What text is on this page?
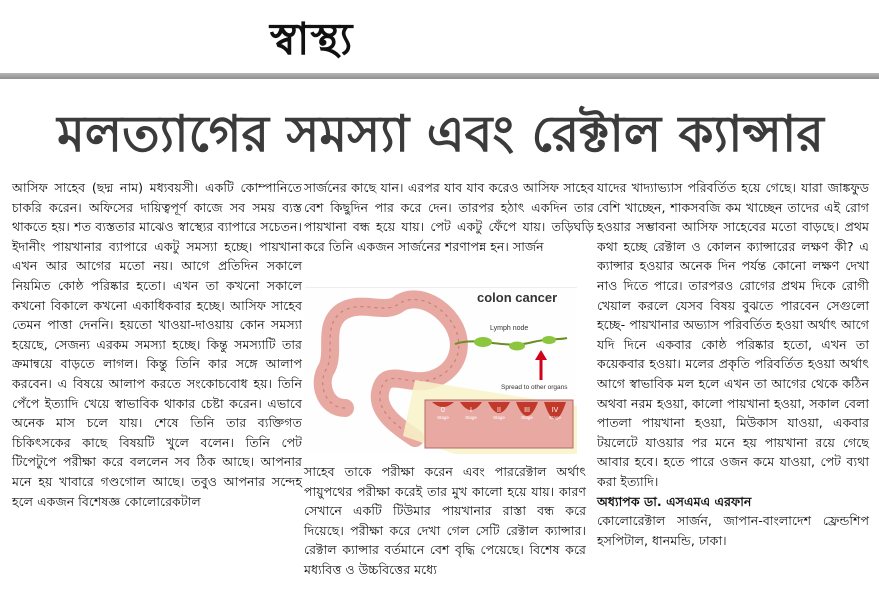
স্বাস্থ্য
মলত্যাগের সমস্যা এবং রেক্টাল ক্যান্সার

আসিফ সাহেব (ছদ্ম নাম) মধ্যবয়সী। একটি কোম্পানিতে চাকরি করেন। অফিসের দায়িত্বপূর্ণ কাজে সব সময় ব্যস্ত থাকতে হয়। শত ব্যস্ততার মাঝেও স্বাস্থ্যের ব্যাপারে সচেতন। ইদানীং পায়খানার ব্যাপারে একটু সমস্যা হচ্ছে। পায়খানা এখন আর আগের মতো নয়। আগে প্রতিদিন সকালে নিয়মিত কোষ্ঠ পরিষ্কার হতো। এখন তা কখনো সকালে কখনো বিকালে কখনো একাধিকবার হচ্ছে। আসিফ সাহেব তেমন পাত্তা দেননি। হয়তো খাওয়া-দাওয়ায় কোন সমস্যা হয়েছে, সেজন্য এরকম সমস্যা হচ্ছে। কিন্তু সমস্যাটি তার ক্রমান্বয়ে বাড়তে লাগল। কিন্তু তিনি কার সঙ্গে আলাপ করবেন। এ বিষয়ে আলাপ করতে সংকোচবোধ হয়। তিনি পেঁপে ইত্যাদি খেয়ে স্বাভাবিক থাকার চেষ্টা করেন। এভাবে অনেক মাস চলে যায়। শেষে তিনি তার ব্যক্তিগত চিকিৎসকের কাছে বিষয়টি খুলে বলেন। তিনি পেট টিপেটুপে পরীক্ষা করে বললেন সব ঠিক আছে। আপনার মনে হয় খাবারে গণ্ডগোল আছে। তবুও আপনার সন্দেহ হলে একজন বিশেষজ্ঞ কোলোরেকটাল

সার্জনের কাছে যান। এরপর যাব যাব করেও আসিফ সাহেব বেশ কিছুদিন পার করে দেন। তারপর হঠাৎ একদিন তার পায়খানা বন্ধ হয়ে যায়। পেট একটু ফেঁপে যায়। তড়িঘড়ি করে তিনি একজন সার্জনের শরণাপন্ন হন। সার্জন

সাহেব তাকে পরীক্ষা করেন এবং পাররেক্টাল অর্থাৎ পায়ুপথের পরীক্ষা করেই তার মুখ কালো হয়ে যায়। কারণ সেখানে একটি টিউমার পায়খানার রাস্তা বন্ধ করে দিয়েছে। পরীক্ষা করে দেখা গেল সেটি রেক্টাল ক্যান্সার। রেক্টাল ক্যান্সার বর্তমানে বেশ বৃদ্ধি পেয়েছে। বিশেষ করে মধ্যবিত্ত ও উচ্চবিত্তের মধ্যে

যাদের খাদ্যাভ্যাস পরিবর্তিত হয়ে গেছে। যারা জাঙ্কফুড বেশি খাচ্ছেন, শাকসবজি কম খাচ্ছেন তাদের এই রোগ হওয়ার সম্ভাবনা আসিফ সাহেবের মতো বাড়ছে। প্রথম কথা হচ্ছে রেক্টাল ও কোলন ক্যান্সারের লক্ষণ কী? এ ক্যান্সার হওয়ার অনেক দিন পর্যন্ত কোনো লক্ষণ দেখা নাও দিতে পারে। তারপরও রোগের প্রথম দিকে রোগী খেয়াল করলে যেসব বিষয় বুঝতে পারবেন সেগুলো হচ্ছে- পায়খানার অভ্যাস পরিবর্তিত হওয়া অর্থাৎ আগে যদি দিনে একবার কোষ্ঠ পরিষ্কার হতো, এখন তা কয়েকবার হওয়া। মলের প্রকৃতি পরিবর্তিত হওয়া অর্থাৎ আগে স্বাভাবিক মল হলে এখন তা আগের থেকে কঠিন অথবা নরম হওয়া, কালো পায়খানা হওয়া, সকাল বেলা পাতলা পায়খানা হওয়া, মিউকাস যাওয়া, একবার টয়লেটে যাওয়ার পর মনে হয় পায়খানা রয়ে গেছে আবার হবে। হতে পারে ওজন কমে যাওয়া, পেট ব্যথা করা ইত্যাদি।

অধ্যাপক ডা. এসএমএ এরফান

কোলোরেক্টাল সার্জন, জাপান-বাংলাদেশ ফ্রেন্ডশিপ হসপিটাল, ধানমন্ডি, ঢাকা।

0
Stage
I
Stage
II
Stage
III
Stage
IV
Stage
Lymph node
Spread to other organs
colon cancer
